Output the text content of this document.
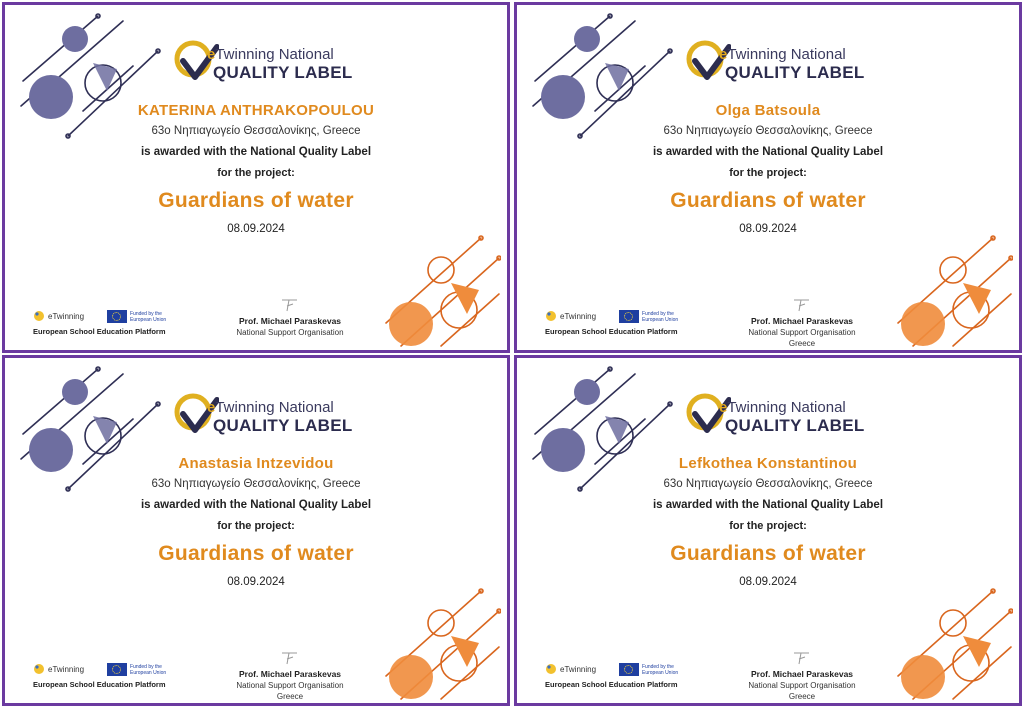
eTwinning National
QUALITY LABEL
KATERINA ANTHRAKOPOULOU
63ο Νηπιαγωγείο Θεσσαλονίκης, Greece
is awarded with the National Quality Label
for the project:
Guardians of water
08.09.2024
eTwinning	Funded by the European Union
European School Education Platform
Prof. Michael Paraskevas
National Support Organisation
eTwinning National
QUALITY LABEL
Olga Batsoula
63ο Νηπιαγωγείο Θεσσαλονίκης, Greece
is awarded with the National Quality Label
for the project:
Guardians of water
08.09.2024
eTwinning	Funded by the European Union
European School Education Platform
Prof. Michael Paraskevas
National Support Organisation
Greece
eTwinning National
QUALITY LABEL
Anastasia Intzevidou
63ο Νηπιαγωγείο Θεσσαλονίκης, Greece
is awarded with the National Quality Label
for the project:
Guardians of water
08.09.2024
eTwinning	Funded by the European Union
European School Education Platform
Prof. Michael Paraskevas
National Support Organisation
Greece
eTwinning National
QUALITY LABEL
Lefkothea Konstantinou
63ο Νηπιαγωγείο Θεσσαλονίκης, Greece
is awarded with the National Quality Label
for the project:
Guardians of water
08.09.2024
eTwinning	Funded by the European Union
European School Education Platform
Prof. Michael Paraskevas
National Support Organisation
Greece
